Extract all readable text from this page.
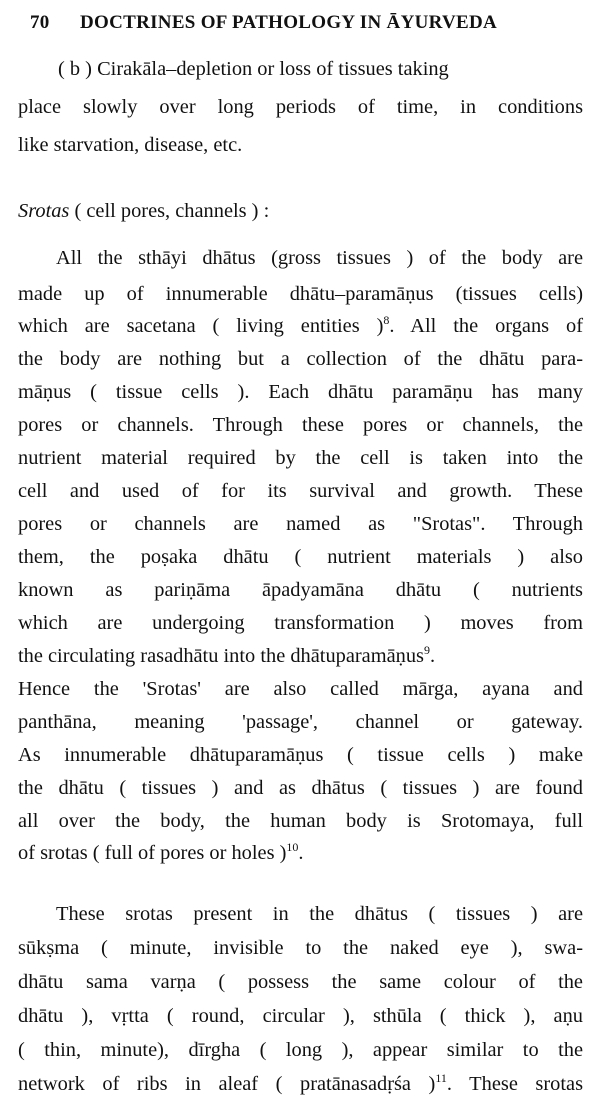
70 DOCTRINES OF PATHOLOGY IN ĀYURVEDA
( b ) Cirakāla–depletion or loss of tissues taking
place slowly over long periods of time, in conditions
like starvation, disease, etc.
Srotas ( cell pores, channels ) :
All the sthāyi dhātus (gross tissues ) of the body are
made up of innumerable dhātu–paramāṇus (tissues cells)
which are sacetana ( living entities )$^8$. All the organs of
the body are nothing but a collection of the dhātu para-
māṇus ( tissue cells ). Each dhātu paramāṇu has many
pores or channels. Through these pores or channels, the
nutrient material required by the cell is taken into the
cell and used of for its survival and growth. These
pores or channels are named as "Srotas". Through
them, the poṣaka dhātu ( nutrient materials ) also
known as pariṇāma āpadyamāna dhātu ( nutrients
which are undergoing transformation ) moves from
the circulating rasadhātu into the dhātuparamāṇus$^9$.
Hence the 'Srotas' are also called mārga, ayana and
panthāna, meaning 'passage', channel or gateway.
As innumerable dhātuparamāṇus ( tissue cells ) make
the dhātu ( tissues ) and as dhātus ( tissues ) are found
all over the body, the human body is Srotomaya, full
of srotas ( full of pores or holes )$^{10}$.
These srotas present in the dhātus ( tissues ) are
sūkṣma ( minute, invisible to the naked eye ), swa-
dhātu sama varṇa ( possess the same colour of the
dhātu ), vṛtta ( round, circular ), sthūla ( thick ), aṇu
( thin, minute), dīrgha ( long ), appear similar to the
network of ribs in aleaf ( pratānasadṛśa )$^{11}$. These srotas
